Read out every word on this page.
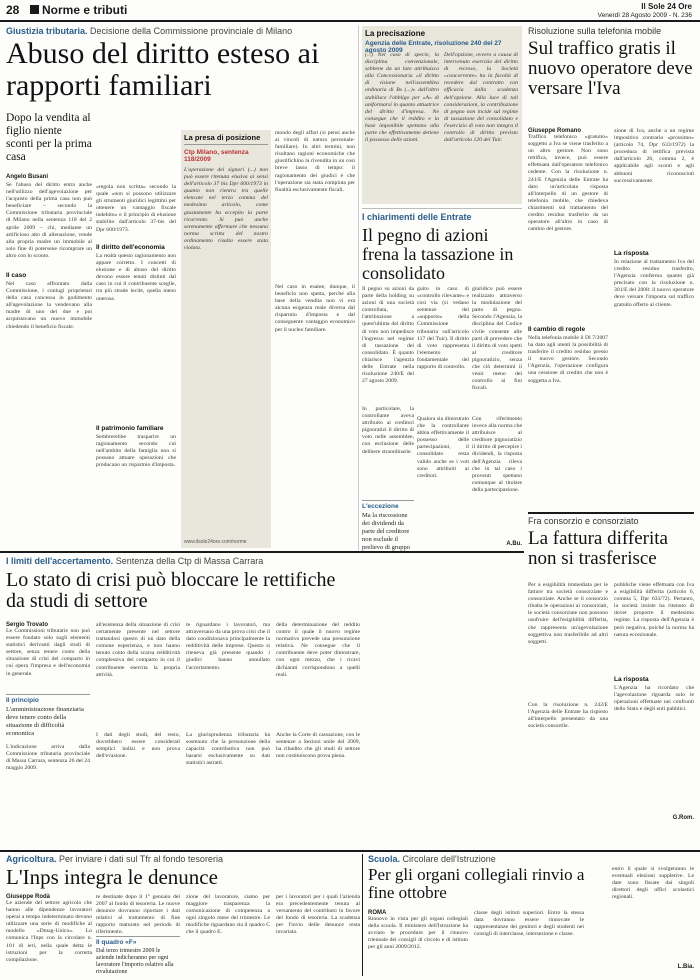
28 Norme e tributi	Il Sole 24 Ore
Venerdì 28 Agosto 2009 - N. 236
Giustizia tributaria. Decisione della Commissione provinciale di Milano
Abuso del diritto esteso ai rapporti familiari
Dopo la vendita al figlio niente sconti per la prima casa
Angelo Busani
Se l'abuso del diritto entra anche nell'utilizzo dell'agevolazione per l'acquisto della prima casa non può beneficiare – secondo la Commissione tributaria provinciale di Milano nella sentenza 118 del 2 aprile 2009 – chi, mediante un artificioso atto di alienazione, vende alla propria madre un immobile al solo fine di potersene ricomprare un altro con lo sconto.
Il caso
Nel caso affrontato dalla Commissione, i coniugi proprietari della casa concessa in godimento all'agevolazione la vendevano alla madre di uno dei due e poi acquistavano un nuovo immobile chiedendo il beneficio fiscale.
«regola non scritta» secondo la quale «non si possono utilizzare gli strumenti giuridici legittimi per ottenere un vantaggio fiscale indebito» e il principio di elusione stabilito dall'articolo 37-bis del Dpr 600/1973.
Il diritto dell'economia
La realtà questo ragionamento non appare corretto. I concetti di elusione e di abuso del diritto devono essere tenuti distinti dal caso in cui il contribuente sceglie, tra più strade lecite, quella meno onerosa.
Il patrimonio familiare
Sembrerebbe trasparire un ragionamento secondo cui nell'ambito della famiglia non si possano attuare operazioni che producano un risparmio d'imposta.
La presa di posizione
Ctp Milano, sentenza 118/2009
L'operazione dei signori (...) non può essere ritenuta elusiva ai sensi dell'articolo 37 bis Dpr 600/1973 in quanto non rientra tra quelle elencate nel terzo comma del medesimo articolo, come giustamente ha eccepito la parte ricorrente. Si può anche serenamente affermare che nessuna norma scritta del nostro ordinamento risulta essere stata violata.
www.ilsole24ore.com/norme
mondo degli affari (si pensi anche ai vincoli di natura personale-familiare). In altri termini, non risultano ragioni economiche che giustifichino la rivendita in un così breve lasso di tempo: il ragionamento dei giudici è che l'operazione sia stata compiuta per finalità esclusivamente fiscali.
Nel caso in esame, dunque, il beneficio non spetta, perché alla base della vendita non vi era alcuna esigenza reale diversa dal risparmio d'imposta e dal conseguente vantaggio economico per il nucleo familiare.
La precisazione
Agenzia delle Entrate, risoluzione 240 del 27 agosto 2009
(...) Nel caso di specie, la disciplina convenzionale, sebbene da un lato attribuisca alla Concessionaria «il diritto di visione nell'assemblea ordinaria di Bs (...)» dall'altro stabilisce l'obbligo per «A» di uniformarsi in quanto attuatrice del diritto d'impresa. Ne consegue che il reddito e la base imponibile spettano alla parte che effettivamente detiene il possesso delle azioni.
Dell'opzione, ovvero a causa di intervenuto esercizio del diritto di recesso, la Società «concorrente» ha la facoltà di recedere dal contratto con efficacia dalla scadenza dell'opzione. Alla luce di tali considerazioni, la contribuzione di pegno non incide sul regime di tassazione del consolidato e l'esercizio di voto non integra il controllo di diritto previsto dall'articolo 120 del Tuir.
Risoluzione sulla telefonia mobile
Sul traffico gratis il nuovo operatore deve versare l'Iva
Giuseppe Romano
Traffico telefonico «gratuito» soggetto a Iva se viene trasferito a un altro gestore. Non sono rettifica, invece, può essere effettuata dall'operatore telefonico cedente. Con la risoluzione n. 241/E l'Agenzia delle Entrate ha dato un'articolata risposta all'interpello di un gestore di telefonia mobile, che chiedeva chiarimenti sul trattamento del credito residuo trasferito da un operatore all'altro in caso di cambio del gestore.
Il cambio di regole
Nella telefonia mobile il Dl 7/2007 ha dato agli utenti la possibilità di trasferire il credito residuo presso il nuovo gestore. Secondo l'Agenzia, l'operazione configura una cessione di credito che non è soggetta a Iva.
zione di Iva, anche a un regime impositivo contrario «prossimo» (articolo 74, Dpr 633/1972) la procedura di rettifica prevista dall'articolo 26, comma 2, è applicabile agli sconti e agli abbuoni riconosciuti successivamente.
La risposta
In relazione al trattamento Iva del credito residuo trasferito, l'Agenzia conferma quanto già precisato con la risoluzione n. 301/E del 2008: il nuovo operatore deve versare l'imposta sul traffico gratuito offerto al cliente.
I chiarimenti delle Entrate
Il pegno di azioni frena la tassazione in consolidato
Il pegno su azioni da parte della holding su azioni di una società controllata, l'attribuzione a quest'ultima del diritto di voto non impedisce l'ingresso nel regime di tassazione del consolidato. È quanto chiarisce l'agenzia delle Entrate nella risoluzione 240/E del 27 agosto 2009.
In particolare, la controllante aveva attribuito ai creditori pignoratizi il diritto di voto nelle assemblee, con esclusione delle delibere straordinarie.
L'eccezione
Ma la riscossione dei dividendi da parte del creditore non esclude il prelievo di gruppo
guito in caso di «controllo rilevante» e così via (si vedano sentenze del «supporto» della Commissione tributaria sull'articolo 117 del Tuir). Il diritto di voto rappresenta l'elemento fondamentale del rapporto di controllo.
Qualora sia dimostrato che la controllante abbia effettivamente il possesso delle partecipazioni, il consolidato resta valido anche se i voti sono attribuiti ai creditori.
giuridico può essere realizzato attraverso la modulazione del patto di pegno. Secondo l'Agenzia, la disciplina del Codice civile consente alle parti di prevedere che il diritto di voto spetti al creditore pignoratizio, senza che ciò determini il venir meno del controllo ai fini fiscali.
Con riferimento invece alla norma che attribuisce al creditore pignoratizio il diritto di percepire i dividendi, la risposta dell'Agenzia rileva che in tal caso i proventi spettano comunque al titolare della partecipazione.
A.Bu.
I limiti dell'accertamento. Sentenza della Ctp di Massa Carrara
Lo stato di crisi può bloccare le rettifiche da studi di settore
Sergio Trovato
Le Commissioni tributarie non può essere fondato solo sugli elementi statistici derivanti dagli studi di settore, senza tenere conto della situazione di crisi del comparto in cui opera l'impresa e dell'economia in generale.
Il principio
L'amministrazione finanziaria deve tenere conto della situazione di difficoltà economica
L'indicazione arriva dalla Commissione tributaria provinciale di Massa Carrara, sentenza 26 del 24 maggio 2009.
all'esistenza della situazione di crisi certamente presente nel settore trattandosi questo di un dato della comune esperienza, e non hanno tenuto conto della scarsa redditività complessiva del comparto in cui il contribuente esercita la propria attività.
I dati degli studi, del resto, dovrebbero essere considerati semplici indizi e non prova dell'evasione.
te riguardano i lavoratori, ma attraversano da una prova crisi che il dato condizionava principalmente la redditività delle imprese. Questo si riteneva già presente quando i giudici hanno annullato l'accertamento.
La giurisprudenza tributaria ha sostenuto che la presunzione della capacità contributiva non può basarsi esclusivamente su dati statistici astratti.
della determinazione del reddito contro il quale il nuovo regime normativo prevede una presunzione relativa. Ne consegue che il contribuente deve poter dimostrare, con ogni mezzo, che i ricavi dichiarati corrispondono a quelli reali.
Anche la Corte di cassazione, con le sentenze a Sezioni unite del 2009, ha ribadito che gli studi di settore non costituiscono prova piena.
Fra consorzio e consorziato
La fattura differita non si trasferisce
Per a esigibilità immediata per le fatture tra società consorziate e consorziate. Anche se il consorzio ribalta le operazioni ai consorziati, le società consorziate non possono usufruire dell'esigibilità differita, che rappresenta un'agevolazione soggettiva non trasferibile ad altri soggetti.
Con la risoluzione n. 242/E l'Agenzia delle Entrate ha risposto all'interpello presentato da una società consortile.
pubbliche viene effettuata con Iva a esigibilità differita (articolo 6, comma 5, Dpr 633/72). Pertanto, la società insiste ha ritenuto di dover proporre il medesimo regime. La risposta dell'Agenzia è però negativa, poiché la norma ha natura eccezionale.
La risposta
L'Agenzia ha ricordato che l'agevolazione riguarda solo le operazioni effettuate nei confronti dello Stato e degli enti pubblici.
G.Rom.
Agricoltura. Per inviare i dati sul Tfr al fondo tesoreria
L'Inps integra le denunce
Giuseppe Rodà
Le aziende del settore agricolo che hanno alle dipendenze lavoratori operai a tempo indeterminato devono utilizzare una serie di modifiche al modello «Dmag-Unico». Lo comunica l'Inps con la circolare n. 101 di ieri, nella quale detta le istruzioni per la corretta compilazione.
te destinate dopo il 1° gennaio del 2007 al fondo di tesoreria. Le nuove denunce dovranno riportare i dati relativi al trattamento di fine rapporto maturato nel periodo di riferimento.
Il quadro «F»
Dal terzo trimestre 2009 le aziende indicheranno per ogni lavoratore l'importo relativo alla rivalutazione
zione del lavoratore, siamo per maggiore trasparenza la comunicazione di competenza a ogni singolo mese del trimestre. Le modifiche riguardano sia il quadro C che il quadro E.
per i lavoratori per i quali l'azienda era precedentemente tenuta al versamento del contributo in favore del fondo di tesoreria. La scadenza per l'invio delle denunce resta invariata.
Scuola. Circolare dell'Istruzione
Per gli organi collegiali rinvio a fine ottobre
ROMA
Rinnovo in vista per gli organi collegiali della scuola. Il ministero dell'Istruzione ha avviato le procedure per il rinnovo triennale dei consigli di circolo e di istituto per gli anni 2009/2012.
classe degli istituti superiori. Entro la stessa data dovranno essere rinnovate le rappresentanze dei genitori e degli studenti nei consigli di interclasse, intersezione e classe.
entro il quale si svolgeranno le eventuali elezioni suppletive. Le date sono fissate dai singoli direttori degli uffici scolastici regionali.
L.Bia.
